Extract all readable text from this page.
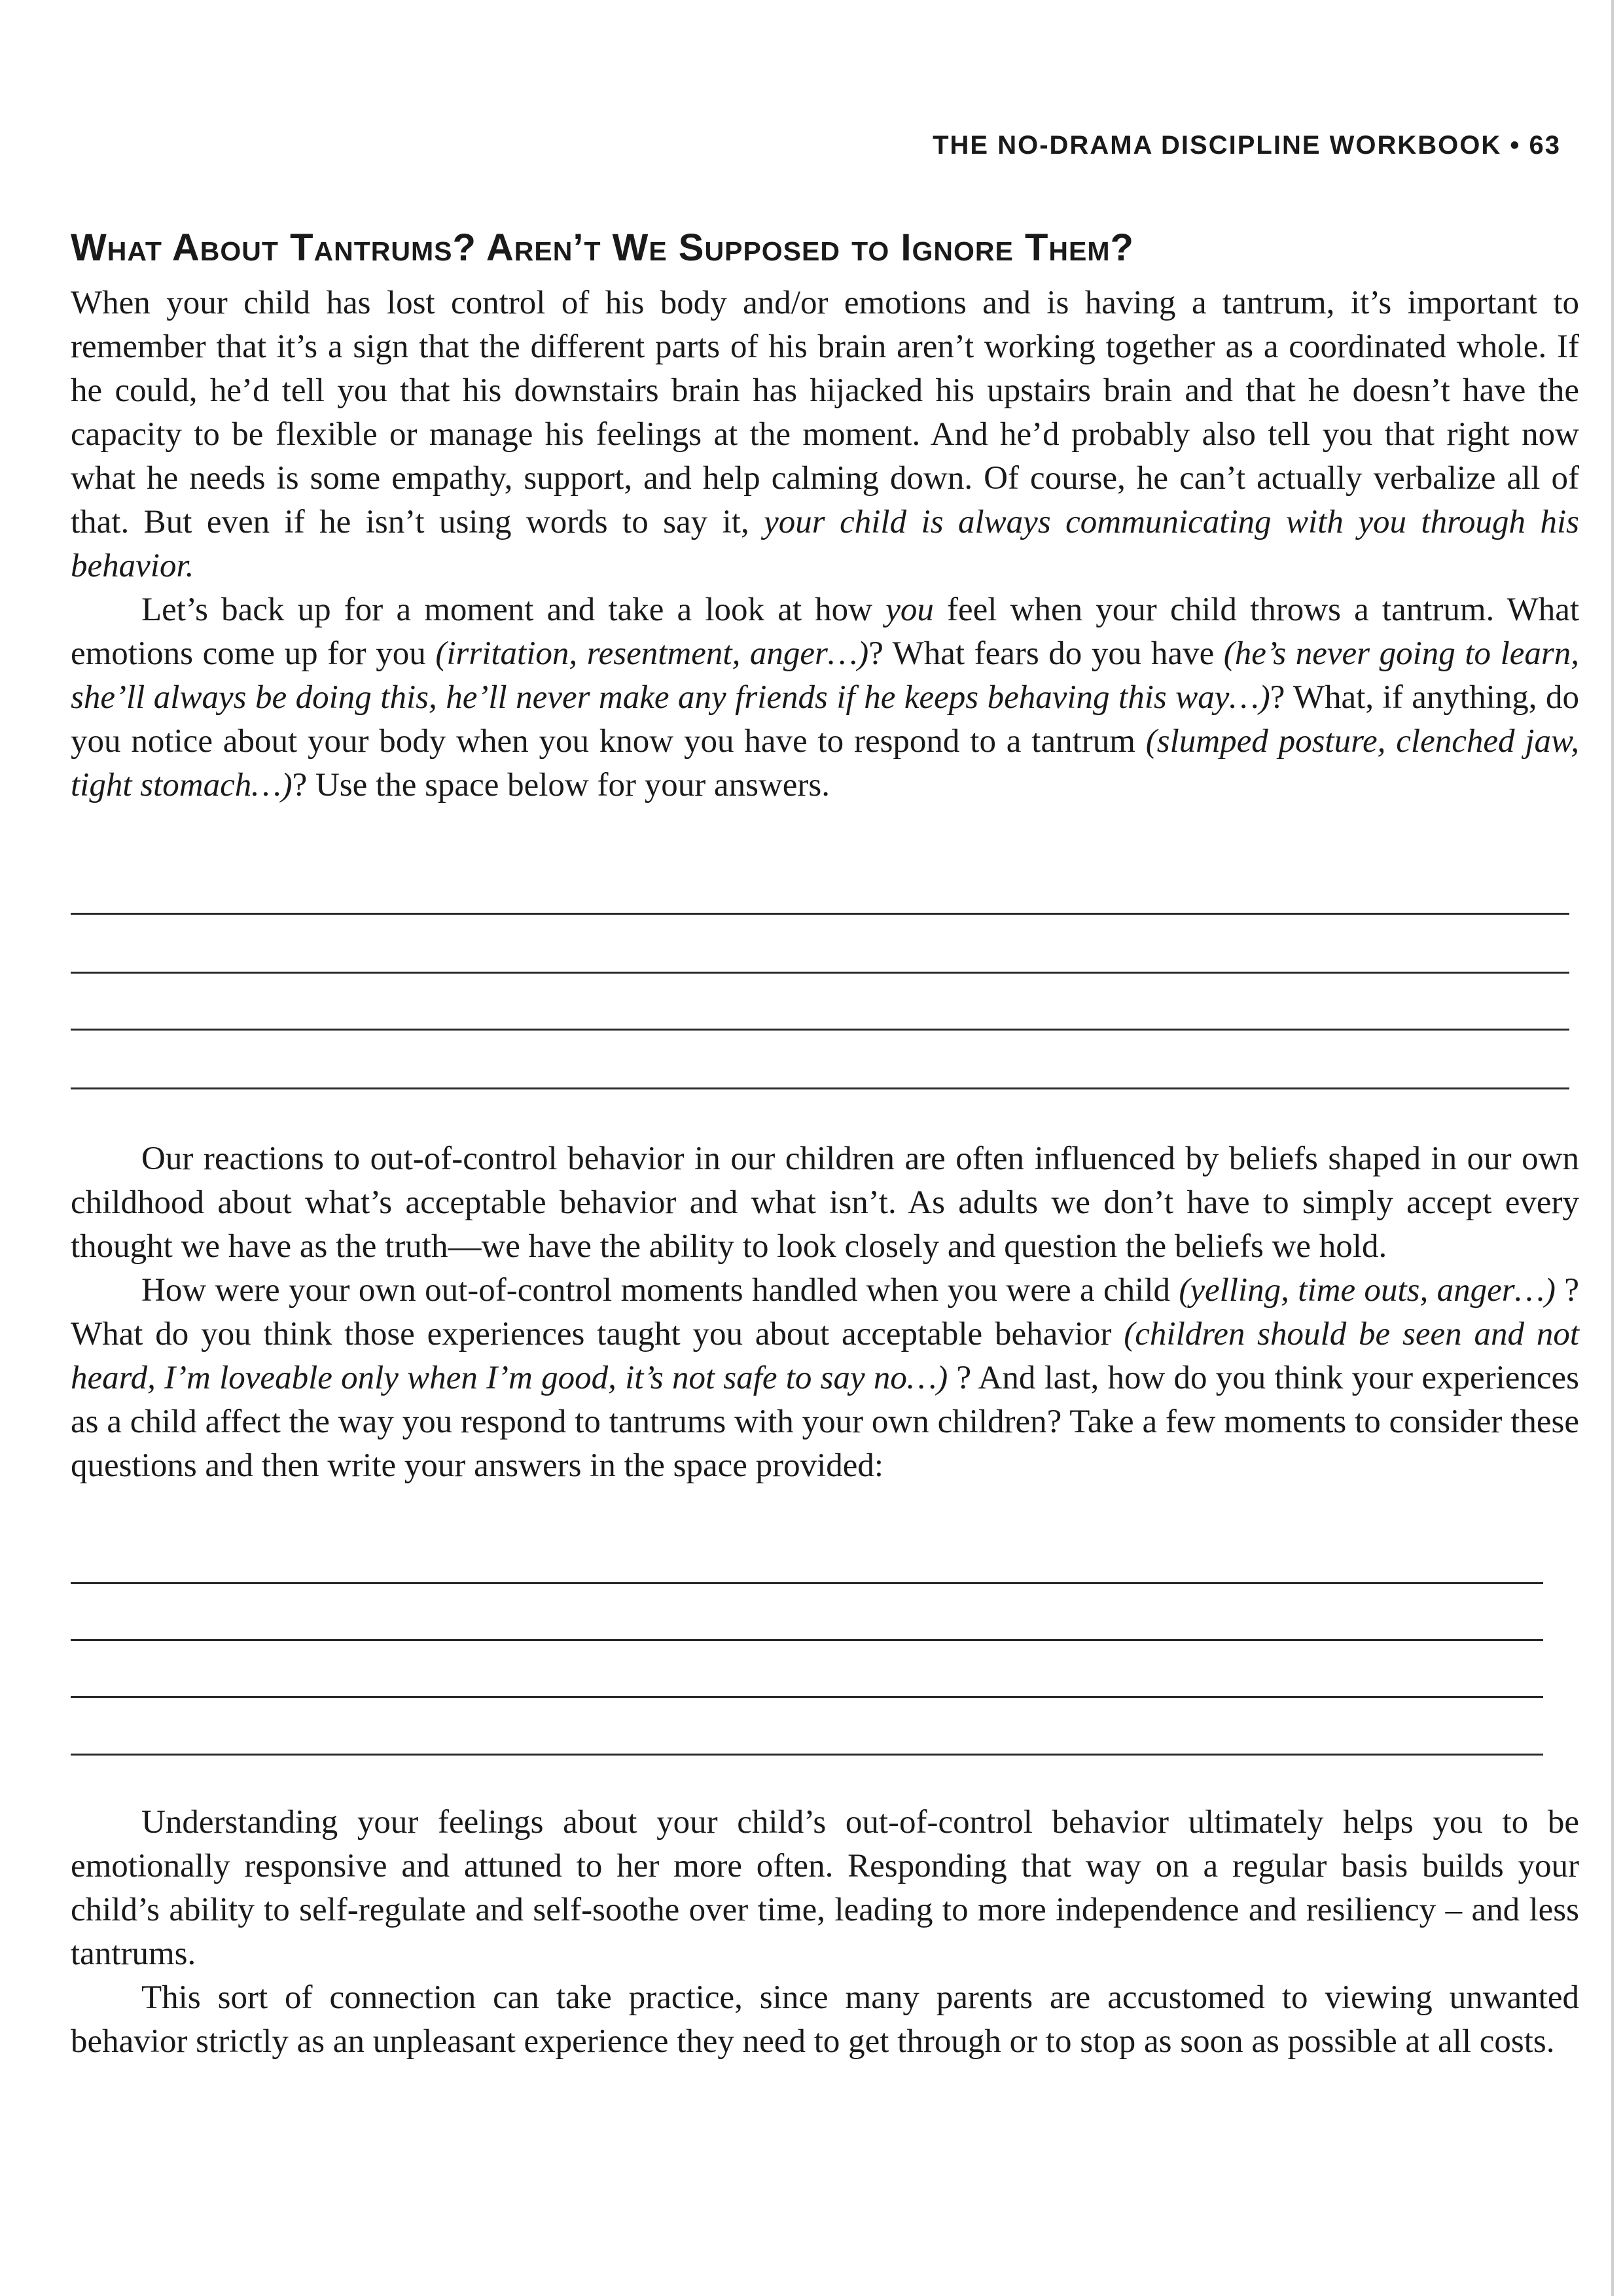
THE NO-DRAMA DISCIPLINE WORKBOOK • 63
What About Tantrums? Aren’t We Supposed to Ignore Them?

When your child has lost control of his body and/or emotions and is having a tantrum, it’s important to remember that it’s a sign that the different parts of his brain aren’t working together as a coordinated whole. If he could, he’d tell you that his downstairs brain has hijacked his upstairs brain and that he doesn’t have the capacity to be flexible or manage his feelings at the moment. And he’d probably also tell you that right now what he needs is some empathy, support, and help calming down. Of course, he can’t actually verbalize all of that. But even if he isn’t using words to say it, your child is always communicating with you through his behavior.

Let’s back up for a moment and take a look at how you feel when your child throws a tantrum. What emotions come up for you (irritation, resentment, anger…)? What fears do you have (he’s never going to learn, she’ll always be doing this, he’ll never make any friends if he keeps behaving this way…)? What, if anything, do you notice about your body when you know you have to respond to a tantrum (slumped posture, clenched jaw, tight stomach…)? Use the space below for your answers.

Our reactions to out-of-control behavior in our children are often influenced by beliefs shaped in our own childhood about what’s acceptable behavior and what isn’t. As adults we don’t have to simply accept every thought we have as the truth—we have the ability to look closely and question the beliefs we hold.

How were your own out-of-control moments handled when you were a child (yelling, time outs, anger…) ? What do you think those experiences taught you about acceptable behavior (children should be seen and not heard, I’m loveable only when I’m good, it’s not safe to say no…) ? And last, how do you think your experiences as a child affect the way you respond to tantrums with your own children? Take a few moments to consider these questions and then write your answers in the space provided:

Understanding your feelings about your child’s out-of-control behavior ultimately helps you to be emotionally responsive and attuned to her more often. Responding that way on a regular basis builds your child’s ability to self-regulate and self-soothe over time, leading to more independence and resiliency – and less tantrums.

This sort of connection can take practice, since many parents are accustomed to viewing unwanted behavior strictly as an unpleasant experience they need to get through or to stop as soon as possible at all costs.
